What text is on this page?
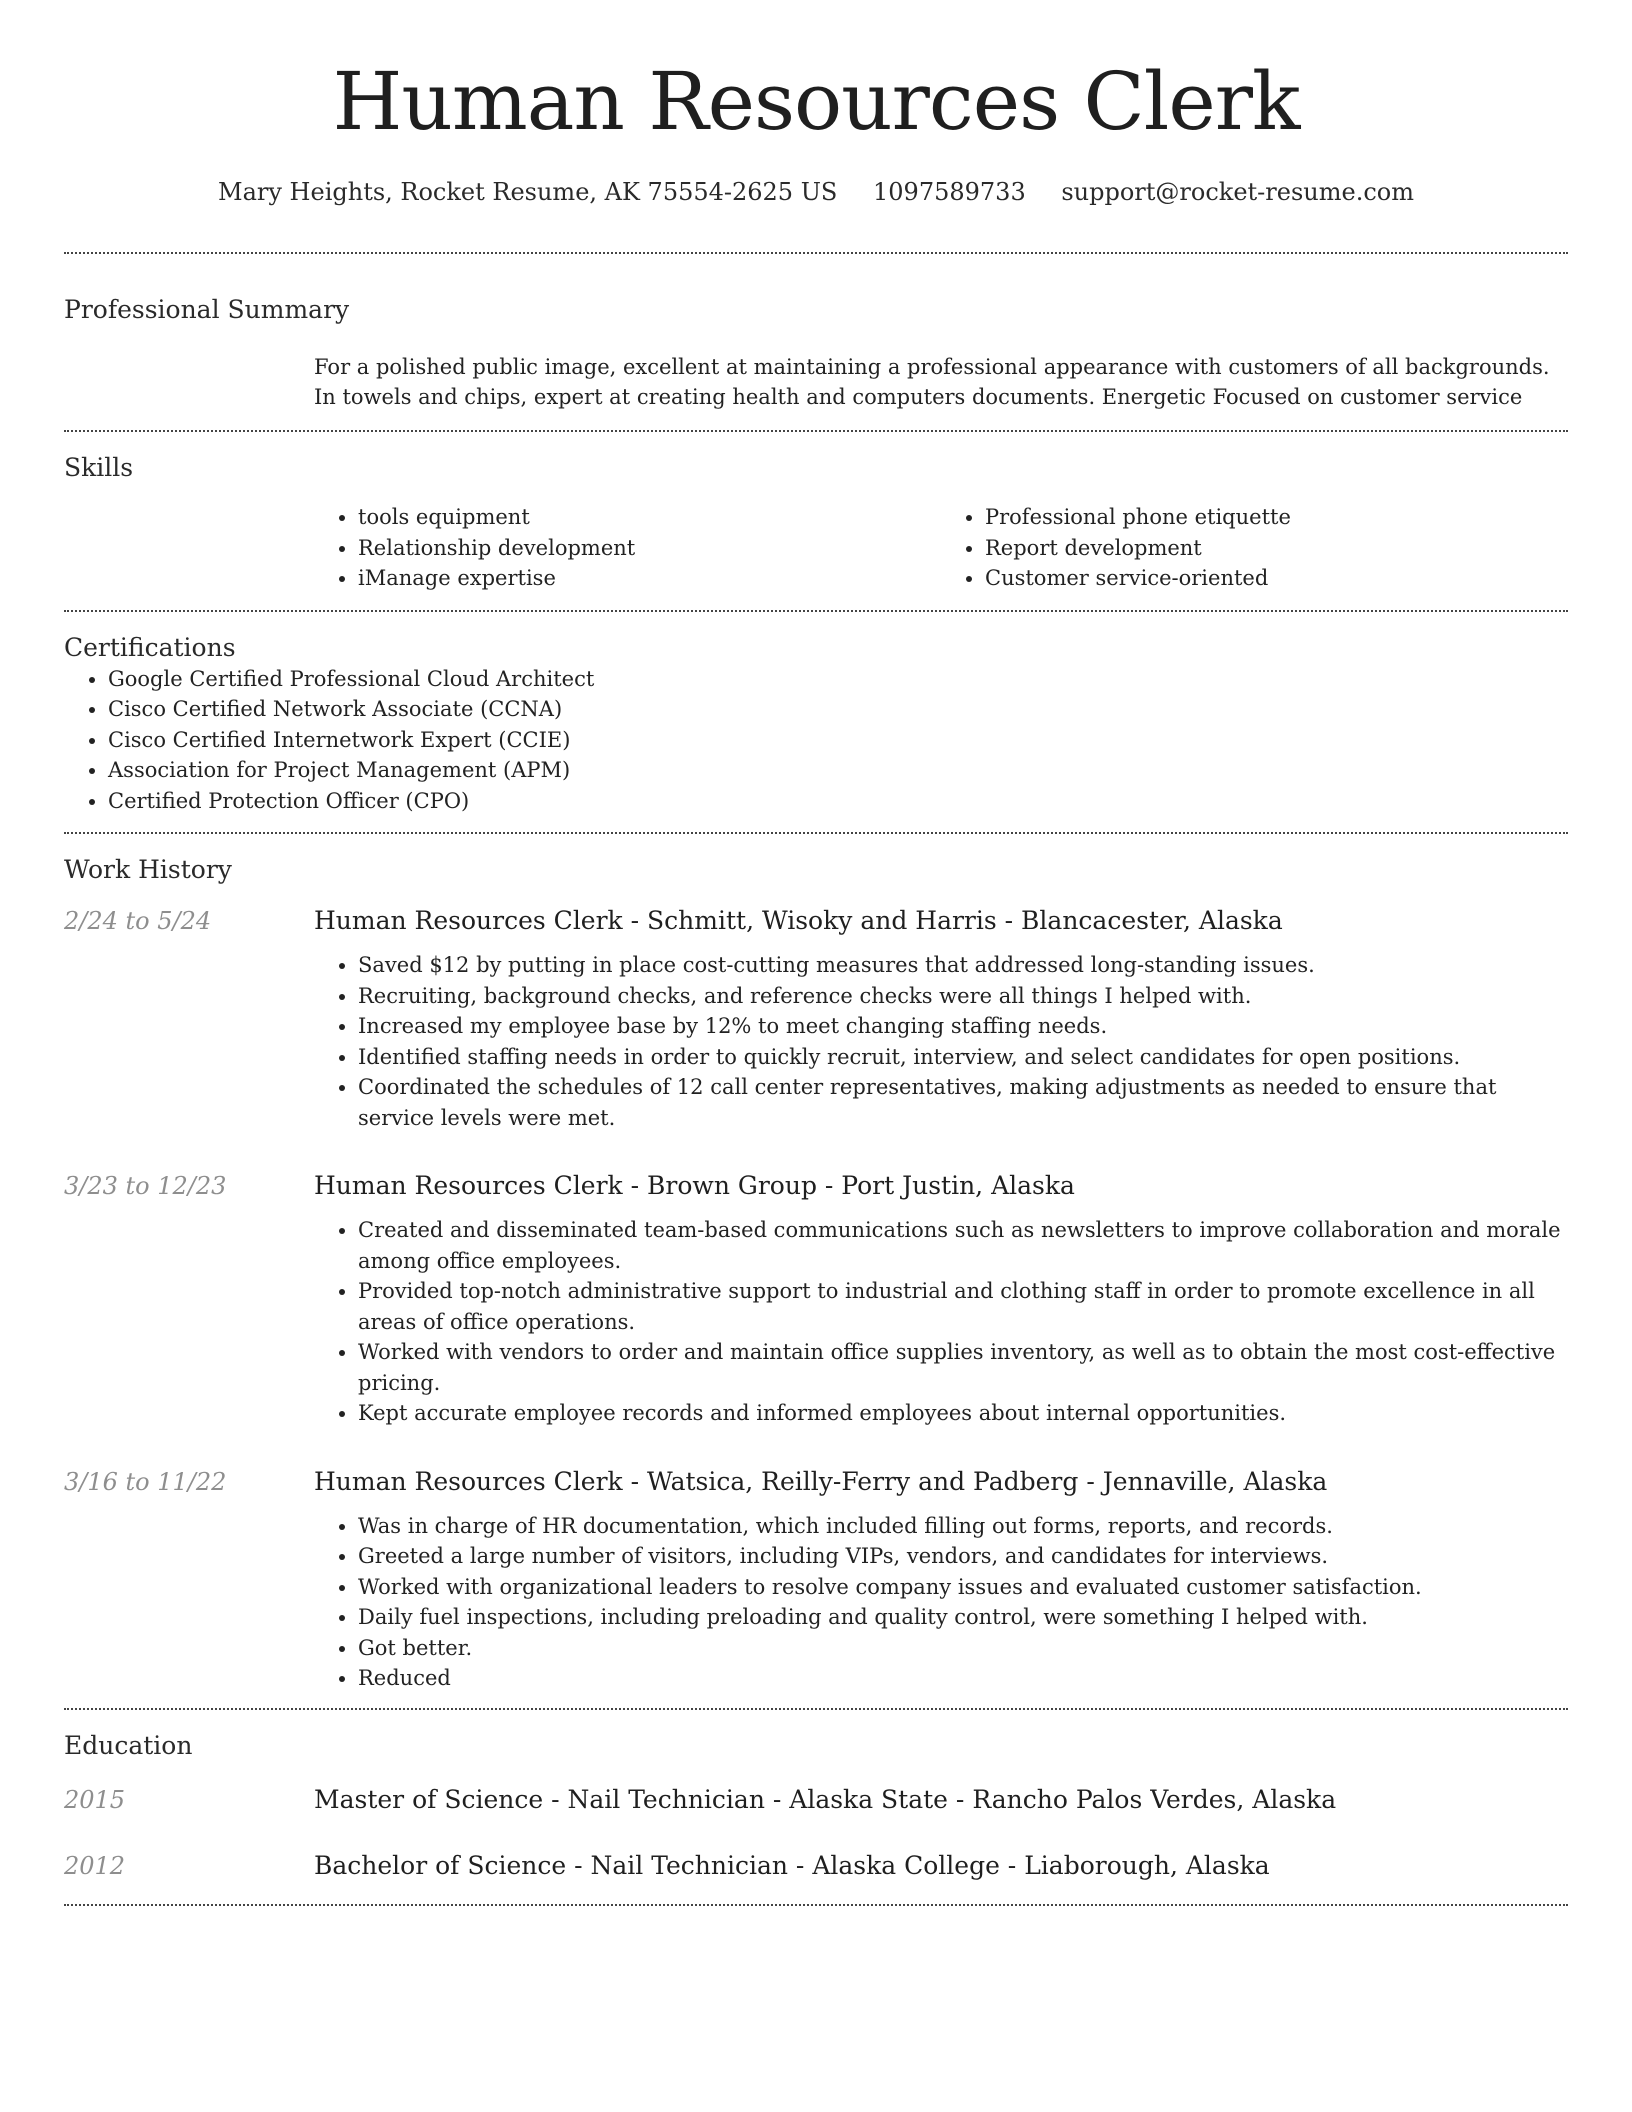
Human Resources Clerk
Mary Heights, Rocket Resume, AK 75554-2625 US 1097589733 support@rocket-resume.com
Professional Summary
For a polished public image, excellent at maintaining a professional appearance with customers of all backgrounds. In towels and chips, expert at creating health and computers documents. Energetic Focused on customer service
Skills
• tools equipment
• Relationship development
• iManage expertise
• Professional phone etiquette
• Report development
• Customer service-oriented
Certifications
• Google Certified Professional Cloud Architect
• Cisco Certified Network Associate (CCNA)
• Cisco Certified Internetwork Expert (CCIE)
• Association for Project Management (APM)
• Certified Protection Officer (CPO)
Work History
2/24 to 5/24	Human Resources Clerk - Schmitt, Wisoky and Harris - Blancacester, Alaska
• Saved $12 by putting in place cost-cutting measures that addressed long-standing issues.
• Recruiting, background checks, and reference checks were all things I helped with.
• Increased my employee base by 12% to meet changing staffing needs.
• Identified staffing needs in order to quickly recruit, interview, and select candidates for open positions.
• Coordinated the schedules of 12 call center representatives, making adjustments as needed to ensure that service levels were met.
3/23 to 12/23	Human Resources Clerk - Brown Group - Port Justin, Alaska
• Created and disseminated team-based communications such as newsletters to improve collaboration and morale among office employees.
• Provided top-notch administrative support to industrial and clothing staff in order to promote excellence in all areas of office operations.
• Worked with vendors to order and maintain office supplies inventory, as well as to obtain the most cost-effective pricing.
• Kept accurate employee records and informed employees about internal opportunities.
3/16 to 11/22	Human Resources Clerk - Watsica, Reilly-Ferry and Padberg - Jennaville, Alaska
• Was in charge of HR documentation, which included filling out forms, reports, and records.
• Greeted a large number of visitors, including VIPs, vendors, and candidates for interviews.
• Worked with organizational leaders to resolve company issues and evaluated customer satisfaction.
• Daily fuel inspections, including preloading and quality control, were something I helped with.
• Got better.
• Reduced
Education
2015	Master of Science - Nail Technician - Alaska State - Rancho Palos Verdes, Alaska
2012	Bachelor of Science - Nail Technician - Alaska College - Liaborough, Alaska
